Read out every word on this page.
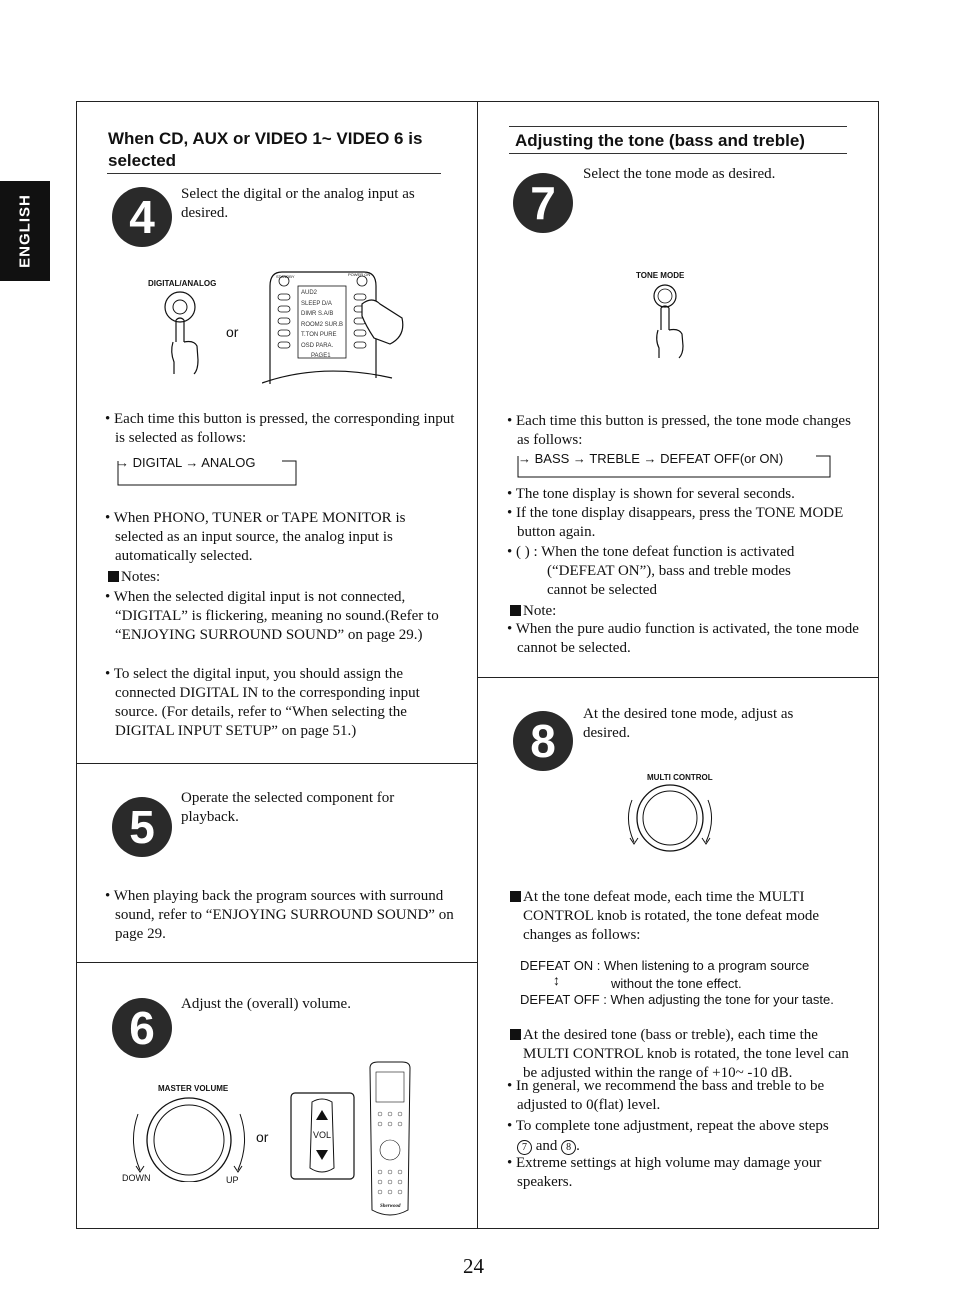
ENGLISH
When CD, AUX or VIDEO 1~ VIDEO 6 is selected
4	Select the digital or the analog input as desired.
DIGITAL/ANALOG
or
STANDBY	POWER ON
AUD2
SLEEP D/A
DIMR S.A/B
ROOM2 SUR.B
T.TON PURE
OSD PARA.
PAGE1
• Each time this button is pressed, the corresponding input is selected as follows:
→ DIGITAL → ANALOG
• When PHONO, TUNER or TAPE MONITOR is selected as an input source, the analog input is automatically selected.
Notes:
• When the selected digital input is not connected, “DIGITAL” is flickering, meaning no sound.(Refer to “ENJOYING SURROUND SOUND” on page 29.)
• To select the digital input, you should assign the connected DIGITAL IN to the corresponding input source. (For details, refer to “When selecting the DIGITAL INPUT SETUP” on page 51.)
5
Operate the selected component for playback.
• When playing back the program sources with surround sound, refer to “ENJOYING SURROUND SOUND” on page 29.
6	Adjust the (overall) volume.
MASTER VOLUME
DOWN	UP
or	VOL
Sherwood
Adjusting the tone (bass and treble)
7
Select the tone mode as desired.
TONE MODE
• Each time this button is pressed, the tone mode changes as follows:
→ BASS → TREBLE → DEFEAT OFF(or ON)
• The tone display is shown for several seconds.
• If the tone display disappears, press the TONE MODE button again.
• ( ) : When the tone defeat function is activated
(“DEFEAT ON”), bass and treble modes
cannot be selected
Note:
• When the pure audio function is activated, the tone mode cannot be selected.
8
At the desired tone mode, adjust as desired.
MULTI CONTROL
At the tone defeat mode, each time the MULTI CONTROL knob is rotated, the tone defeat mode changes as follows:
DEFEAT ON : When listening to a program source
↕	without the tone effect.
DEFEAT OFF : When adjusting the tone for your taste.
At the desired tone (bass or treble), each time the MULTI CONTROL knob is rotated, the tone level can be adjusted within the range of +10~ -10 dB.
• In general, we recommend the bass and treble to be adjusted to 0(flat) level.
• To complete tone adjustment, repeat the above steps
7 and 8 .
• Extreme settings at high volume may damage your speakers.
24
